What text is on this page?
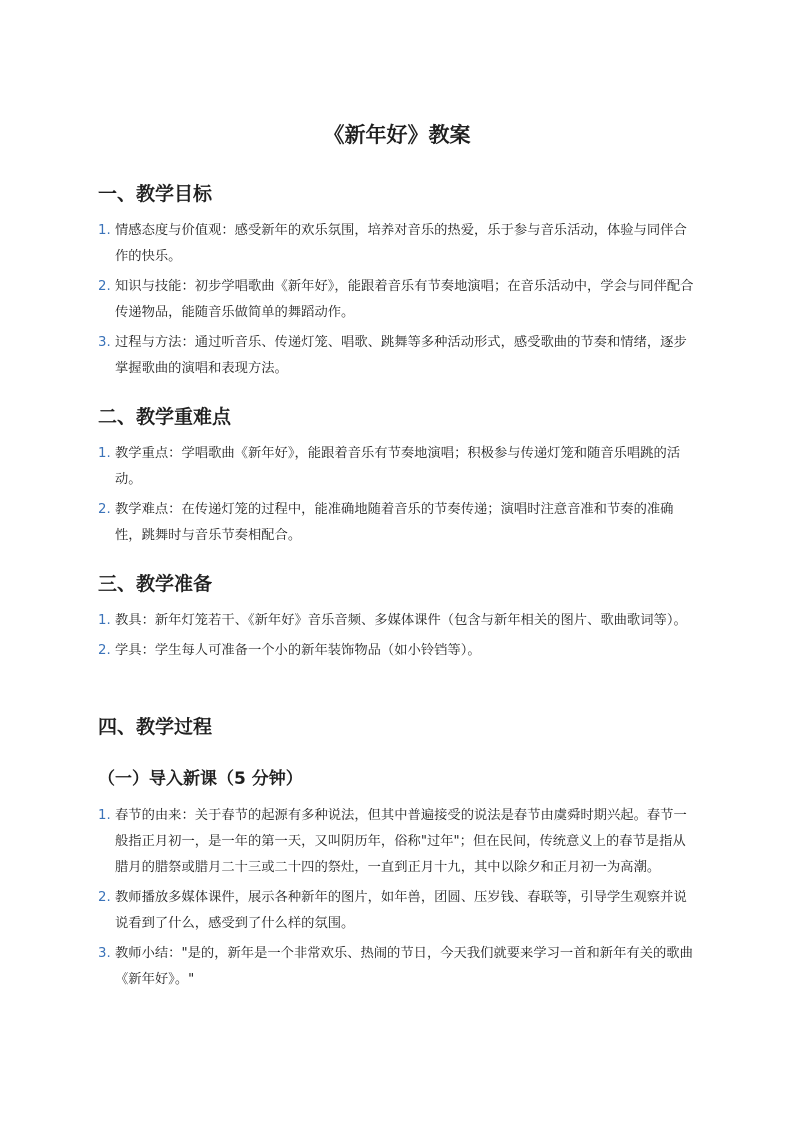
《新年好》教案
一、教学目标
1. 情感态度与价值观：感受新年的欢乐氛围，培养对音乐的热爱，乐于参与音乐活动，体验与同伴合作的快乐。
2. 知识与技能：初步学唱歌曲《新年好》，能跟着音乐有节奏地演唱；在音乐活动中，学会与同伴配合传递物品，能随音乐做简单的舞蹈动作。
3. 过程与方法：通过听音乐、传递灯笼、唱歌、跳舞等多种活动形式，感受歌曲的节奏和情绪，逐步掌握歌曲的演唱和表现方法。
二、教学重难点
1. 教学重点：学唱歌曲《新年好》，能跟着音乐有节奏地演唱；积极参与传递灯笼和随音乐唱跳的活动。
2. 教学难点：在传递灯笼的过程中，能准确地随着音乐的节奏传递；演唱时注意音准和节奏的准确性，跳舞时与音乐节奏相配合。
三、教学准备
1. 教具：新年灯笼若干、《新年好》音乐音频、多媒体课件（包含与新年相关的图片、歌曲歌词等）。
2. 学具：学生每人可准备一个小的新年装饰物品（如小铃铛等）。
四、教学过程
（一）导入新课（5 分钟）
1. 春节的由来：关于春节的起源有多种说法，但其中普遍接受的说法是春节由虞舜时期兴起。春节一般指正月初一，是一年的第一天，又叫阴历年，俗称"过年"；但在民间，传统意义上的春节是指从腊月的腊祭或腊月二十三或二十四的祭灶，一直到正月十九，其中以除夕和正月初一为高潮。
2. 教师播放多媒体课件，展示各种新年的图片，如年兽，团圆、压岁钱、春联等，引导学生观察并说说看到了什么，感受到了什么样的氛围。
3. 教师小结："是的，新年是一个非常欢乐、热闹的节日，今天我们就要来学习一首和新年有关的歌曲《新年好》。"
